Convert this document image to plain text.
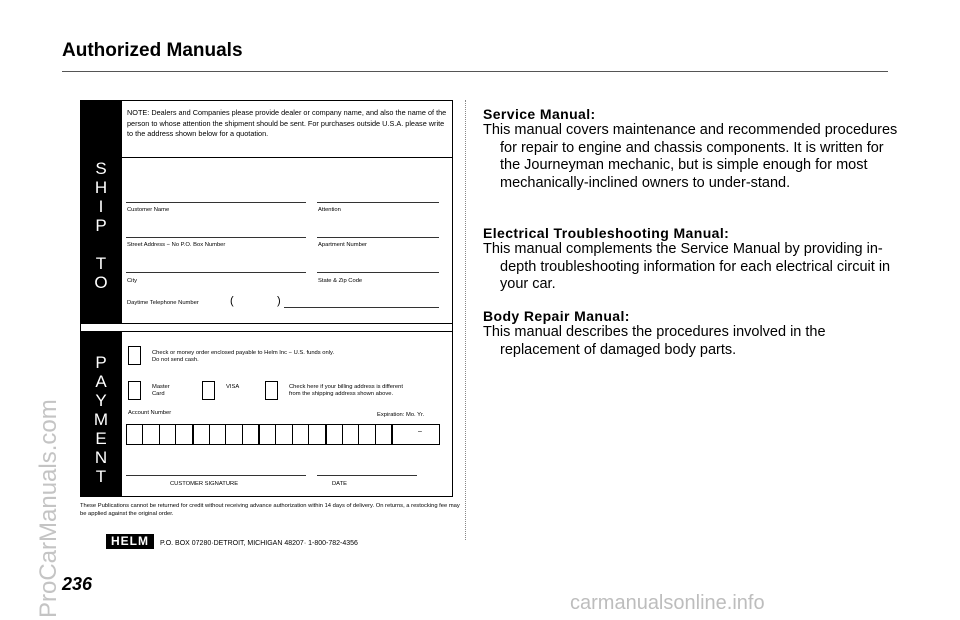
Authorized Manuals
S
H
I
P
T
O
NOTE: Dealers and Companies please provide dealer or company name, and also the name of the person to whose attention the shipment should be sent. For purchases outside U.S.A. please write to the address shown below for a quotation.
Customer Name	Attention
Street Address − No P.O. Box Number	Apartment Number
City	State & Zip Code
Daytime Telephone Number	(	)
P
A
Y
M
E
N
T
Check or money order enclosed payable to Helm Inc − U.S. funds only.
Do not send cash.
Master
Card
VISA	Check here if your billing address is different
from the shipping address shown above.
Account Number	Expiration: Mo. Yr.
–
CUSTOMER SIGNATURE	DATE
These Publications cannot be returned for credit without receiving advance authorization within 14 days of delivery. On returns, a restocking fee may be applied against the original order.
HELM	P.O. BOX 07280·DETROIT, MICHIGAN 48207· 1-800-782-4356
Service Manual:
This manual covers maintenance and recommended procedures for repair to engine and chassis components. It is written for the Journeyman mechanic, but is simple enough for most mechanically-inclined owners to under-stand.
Electrical Troubleshooting Manual:
This manual complements the Service Manual by providing in-depth troubleshooting information for each electrical circuit in your car.
Body Repair Manual:
This manual describes the procedures involved in the replacement of damaged body parts.
236
ProCarManuals.com	carmanualsonline.info
